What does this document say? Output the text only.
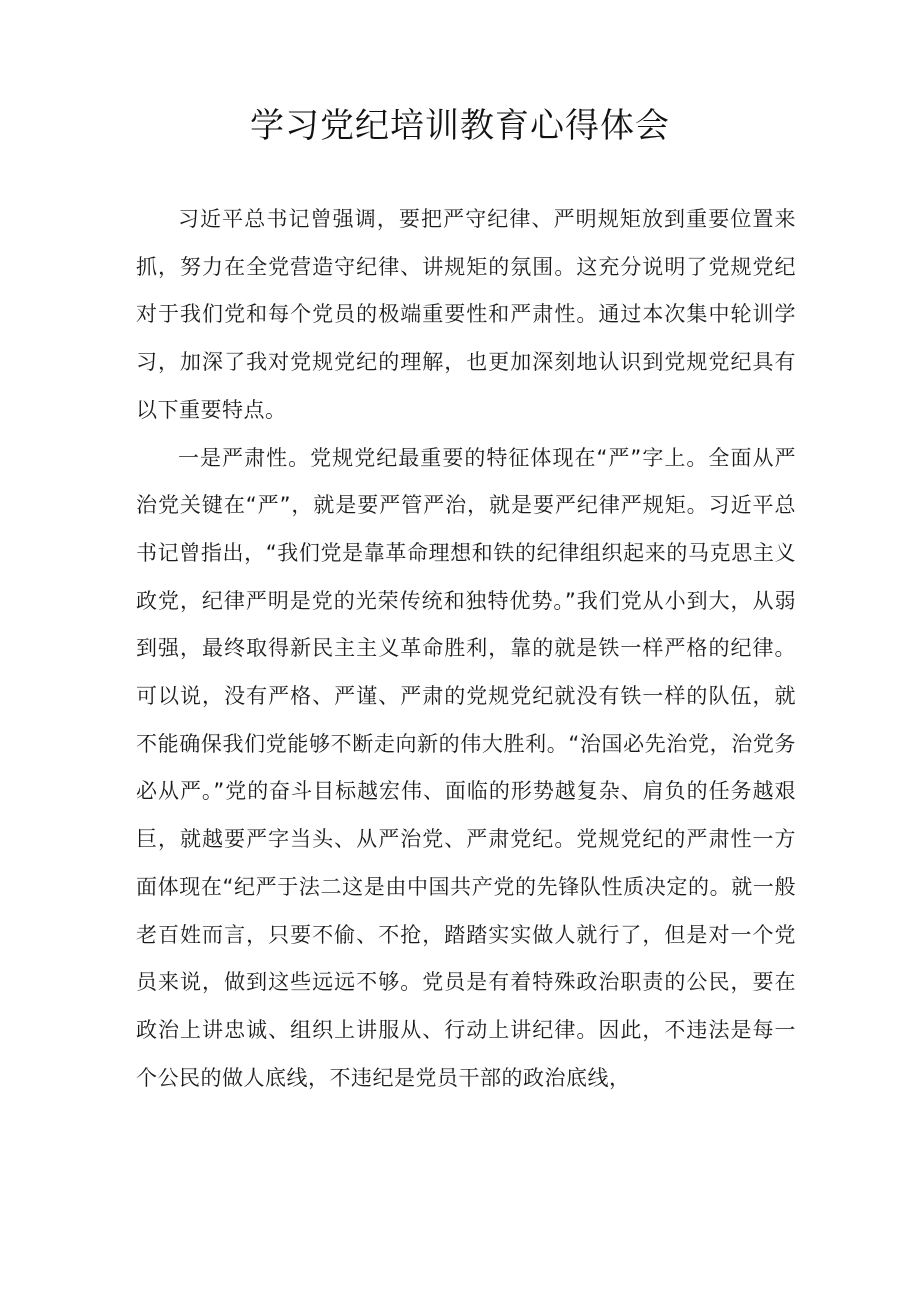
学习党纪培训教育心得体会

习近平总书记曾强调，要把严守纪律、严明规矩放到重要位置来抓，努力在全党营造守纪律、讲规矩的氛围。这充分说明了党规党纪对于我们党和每个党员的极端重要性和严肃性。通过本次集中轮训学习，加深了我对党规党纪的理解，也更加深刻地认识到党规党纪具有以下重要特点。

一是严肃性。党规党纪最重要的特征体现在“严”字上。全面从严治党关键在“严”，就是要严管严治，就是要严纪律严规矩。习近平总书记曾指出，“我们党是靠革命理想和铁的纪律组织起来的马克思主义政党，纪律严明是党的光荣传统和独特优势。”我们党从小到大，从弱到强，最终取得新民主主义革命胜利，靠的就是铁一样严格的纪律。可以说，没有严格、严谨、严肃的党规党纪就没有铁一样的队伍，就不能确保我们党能够不断走向新的伟大胜利。“治国必先治党，治党务必从严。”党的奋斗目标越宏伟、面临的形势越复杂、肩负的任务越艰巨，就越要严字当头、从严治党、严肃党纪。党规党纪的严肃性一方面体现在“纪严于法二这是由中国共产党的先锋队性质决定的。就一般老百姓而言，只要不偷、不抢，踏踏实实做人就行了，但是对一个党员来说，做到这些远远不够。党员是有着特殊政治职责的公民，要在政治上讲忠诚、组织上讲服从、行动上讲纪律。因此，不违法是每一个公民的做人底线，不违纪是党员干部的政治底线，
